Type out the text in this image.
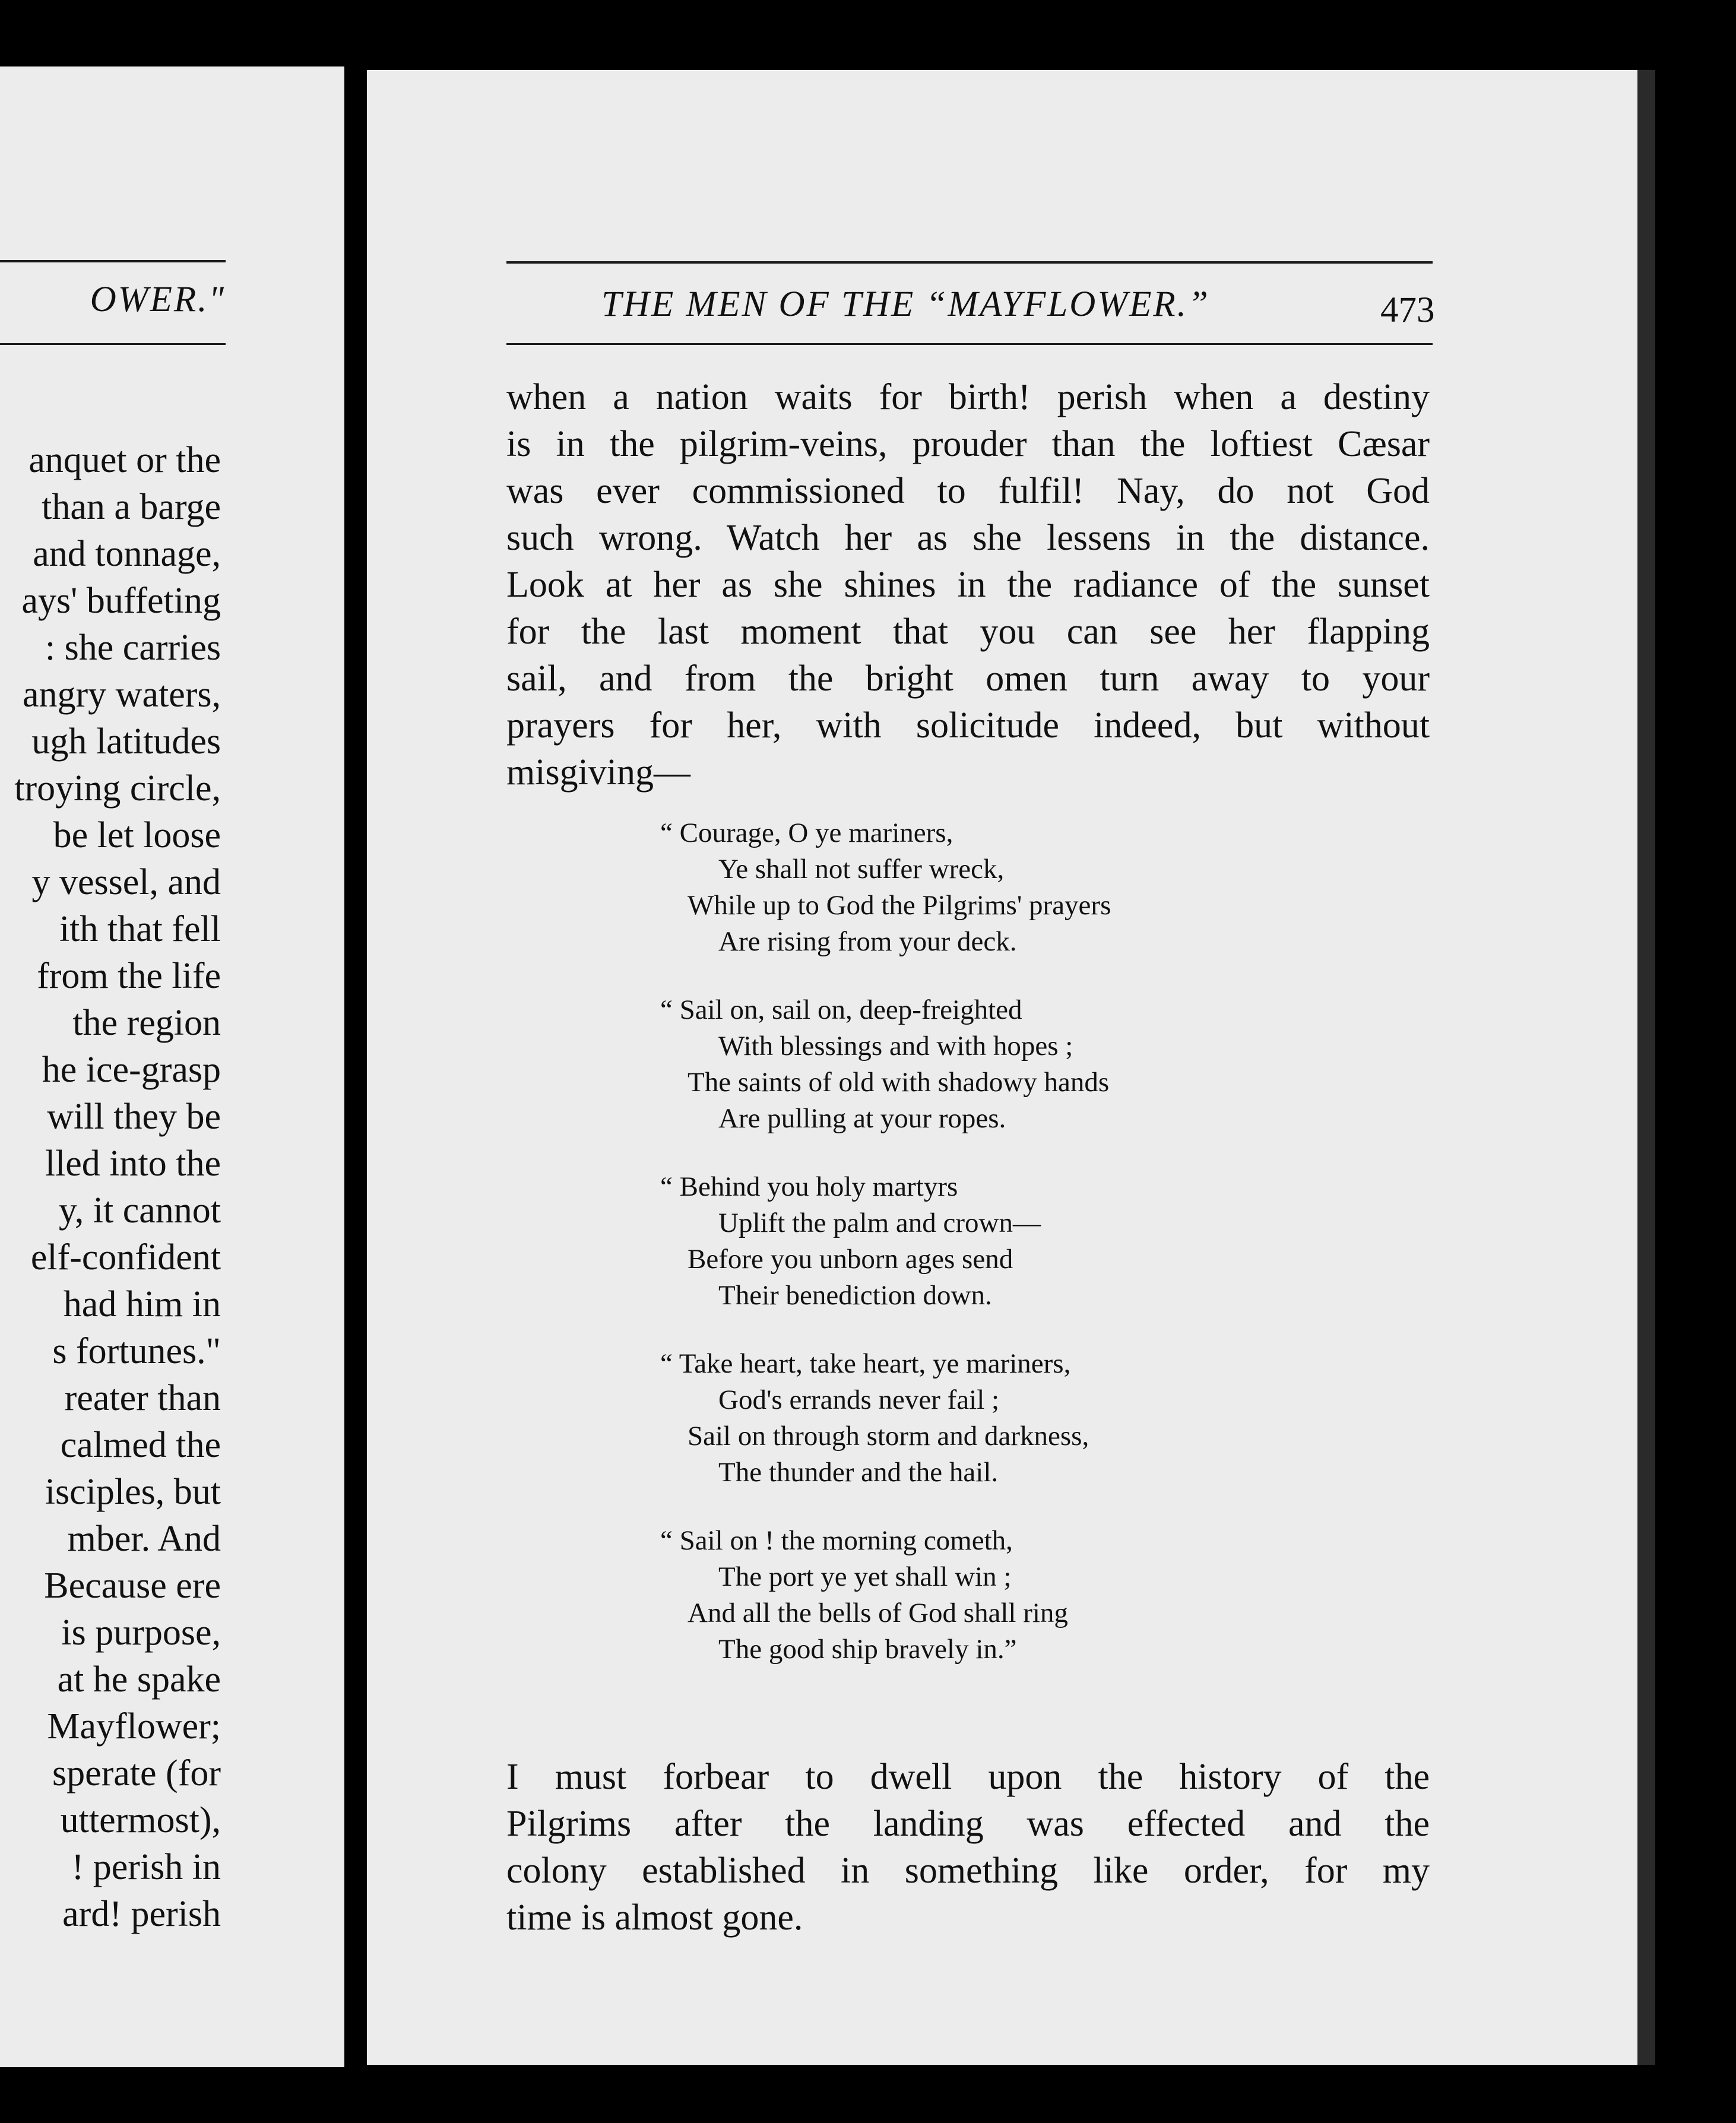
OWER."
anquet or the
than a barge
and tonnage,
ays' buffeting
: she carries
angry waters,
ugh latitudes
troying circle,
be let loose
y vessel, and
ith that fell
from the life
the region
he ice-grasp
will they be
lled into the
y, it cannot
elf-confident
had him in
s fortunes."
reater than
calmed the
isciples, but
mber. And
Because ere
is purpose,
at he spake
Mayflower;
sperate (for
uttermost),
! perish in
ard! perish
THE MEN OF THE “MAYFLOWER.”	473
when a nation waits for birth! perish when a destiny
is in the pilgrim-veins, prouder than the loftiest Cæsar
was ever commissioned to fulfil! Nay, do not God
such wrong. Watch her as she lessens in the distance.
Look at her as she shines in the radiance of the sunset
for the last moment that you can see her flapping
sail, and from the bright omen turn away to your
prayers for her, with solicitude indeed, but without
misgiving—
“ Courage, O ye mariners,
Ye shall not suffer wreck,
While up to God the Pilgrims' prayers
Are rising from your deck.
“ Sail on, sail on, deep-freighted
With blessings and with hopes ;
The saints of old with shadowy hands
Are pulling at your ropes.
“ Behind you holy martyrs
Uplift the palm and crown—
Before you unborn ages send
Their benediction down.
“ Take heart, take heart, ye mariners,
God's errands never fail ;
Sail on through storm and darkness,
The thunder and the hail.
“ Sail on ! the morning cometh,
The port ye yet shall win ;
And all the bells of God shall ring
The good ship bravely in.”
I must forbear to dwell upon the history of the
Pilgrims after the landing was effected and the
colony established in something like order, for my
time is almost gone.
